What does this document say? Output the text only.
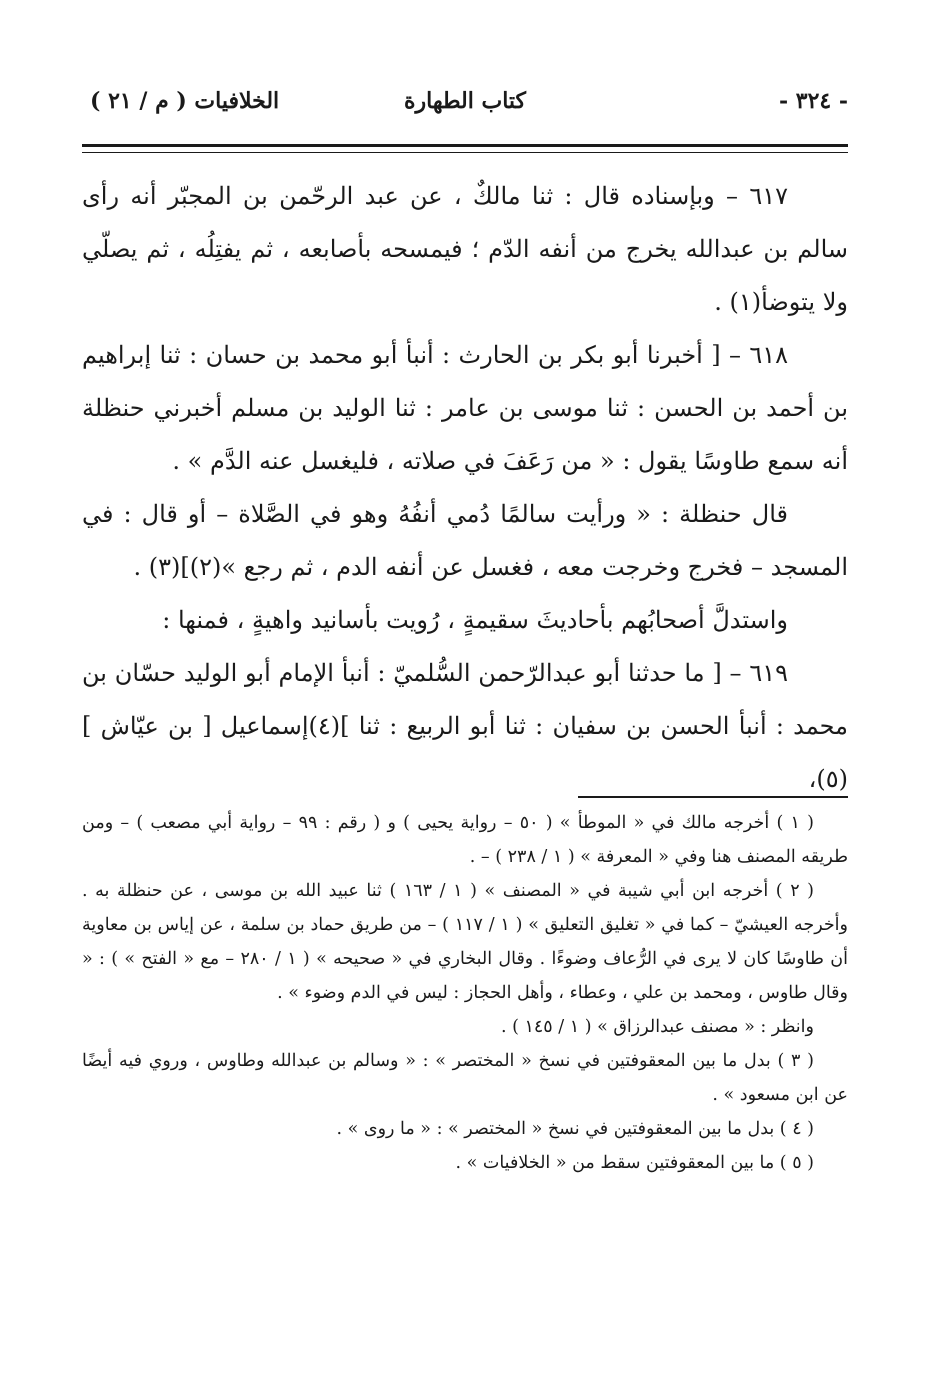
- ٣٢٤ -
كتاب الطهارة
الخلافيات ( م / ٢١ )

٦١٧ – وبإسناده قال : ثنا مالكٌ ، عن عبد الرحّمن بن المجبّر أنه رأى سالم بن عبدالله يخرج من أنفه الدّم ؛ فيمسحه بأصابعه ، ثم يفتِلُه ، ثم يصلّي ولا يتوضأ(١) .

٦١٨ – [ أخبرنا أبو بكر بن الحارث : أنبأ أبو محمد بن حسان : ثنا إبراهيم بن أحمد بن الحسن : ثنا موسى بن عامر : ثنا الوليد بن مسلم أخبرني حنظلة أنه سمع طاوسًا يقول : « من رَعَفَ في صلاته ، فليغسل عنه الدَّم » .

قال حنظلة : « ورأيت سالمًا دُمي أنفُهُ وهو في الصَّلاة – أو قال : في المسجد – فخرج وخرجت معه ، فغسل عن أنفه الدم ، ثم رجع »(٢)](٣) .

واستدلَّ أصحابُهم بأحاديثَ سقيمةٍ ، رُويت بأسانيد واهيةٍ ، فمنها :

٦١٩ – [ ما حدثنا أبو عبدالرّحمن السُّلميّ : أنبأ الإمام أبو الوليد حسّان بن محمد : أنبأ الحسن بن سفيان : ثنا أبو الربيع : ثنا ](٤)إسماعيل [ بن عيّاش ](٥)،

( ١ ) أخرجه مالك في « الموطأ » ( ٥٠ – رواية يحيى ) و ( رقم : ٩٩ – رواية أبي مصعب ) – ومن طريقه المصنف هنا وفي « المعرفة » ( ١ / ٢٣٨ ) – .

( ٢ ) أخرجه ابن أبي شيبة في « المصنف » ( ١ / ١٦٣ ) ثنا عبيد الله بن موسى ، عن حنظلة به . وأخرجه العيشيّ – كما في « تغليق التعليق » ( ١ / ١١٧ ) – من طريق حماد بن سلمة ، عن إياس بن معاوية أن طاوسًا كان لا يرى في الرُّعاف وضوءًا . وقال البخاري في « صحيحه » ( ١ / ٢٨٠ – مع « الفتح » ) : « وقال طاوس ، ومحمد بن علي ، وعطاء ، وأهل الحجاز : ليس في الدم وضوء » .

وانظر : « مصنف عبدالرزاق » ( ١ / ١٤٥ ) .

( ٣ ) بدل ما بين المعقوفتين في نسخ « المختصر » : « وسالم بن عبدالله وطاوس ، وروي فيه أيضًا عن ابن مسعود » .

( ٤ ) بدل ما بين المعقوفتين في نسخ « المختصر » : « ما روى » .

( ٥ ) ما بين المعقوفتين سقط من « الخلافيات » .
